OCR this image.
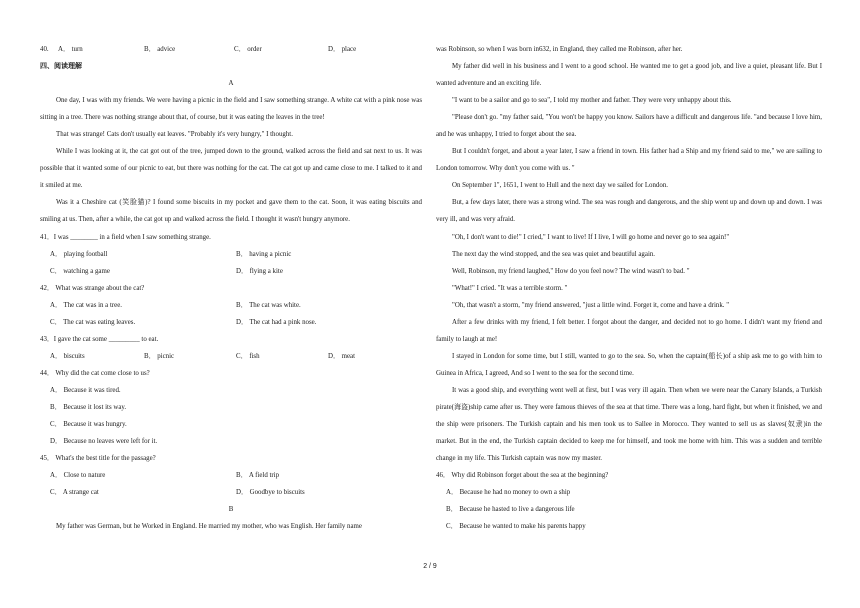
40. A． turn	B． advice	C． order	D． place

四、阅读理解
A

One day, I was with my friends. We were having a picnic in the field and I saw something strange. A white cat with a pink nose was sitting in a tree. There was nothing strange about that, of course, but it was eating the leaves in the tree!

That was strange! Cats don't usually eat leaves. "Probably it's very hungry," I thought.

While I was looking at it, the cat got out of the tree, jumped down to the ground, walked across the field and sat next to us. It was possible that it wanted some of our picnic to eat, but there was nothing for the cat. The cat got up and came close to me. I talked to it and it smiled at me.

Was it a Cheshire cat (笑脸猫)? I found some biscuits in my pocket and gave them to the cat. Soon, it was eating biscuits and smiling at us. Then, after a while, the cat got up and walked across the field. I thought it wasn't hungry anymore.

41．I was ________ in a field when I saw something strange.
A． playing football	B． having a picnic

C． watching a game	D． flying a kite

42． What was strange about the cat?
A． The cat was in a tree.	B． The cat was white.

C． The cat was eating leaves.	D． The cat had a pink nose.

43．I gave the cat some _________ to eat.
A． biscuits	B． picnic	C． fish	D． meat

44． Why did the cat come close to us?
A． Because it was tired.

B． Because it lost its way.

C． Because it was hungry.

D． Because no leaves were left for it.

45． What's the best title for the passage?
A． Close to nature	B． A field trip

C． A strange cat	D． Goodbye to biscuits

B

My father was German, but he Worked in England. He married my mother, who was English. Her family name

was Robinson, so when I was born in632, in England, they called me Robinson, after her.

My father did well in his business and I went to a good school. He wanted me to get a good job, and live a quiet, pleasant life. But I wanted adventure and an exciting life.

"I want to be a sailor and go to sea", I told my mother and father. They were very unhappy about this.

"Please don't go. "my father said, "You won't be happy you know. Sailors have a difficult and dangerous life. "and because I love him, and he was unhappy, I tried to forget about the sea.

But I couldn't forget, and about a year later, I saw a friend in town. His father had a Ship and my friend said to me," we are sailing to London tomorrow. Why don't you come with us. "

On September 1", 1651, I went to Hull and the next day we sailed for London.

But, a few days later, there was a strong wind. The sea was rough and dangerous, and the ship went up and down up and down. I was very ill, and was very afraid.

"Oh, I don't want to die!" I cried," I want to live! If I live, I will go home and never go to sea again!"

The next day the wind stopped, and the sea was quiet and beautiful again.

Well, Robinson, my friend laughed," How do you feel now? The wind wasn't to bad. "

"What!" I cried. "It was a terrible storm. "

"Oh, that wasn't a storm, "my friend answered, "just a little wind. Forget it, come and have a drink. "

After a few drinks with my friend, I felt better. I forgot about the danger, and decided not to go home. I didn't want my friend and family to laugh at me!

I stayed in London for some time, but I still, wanted to go to the sea. So, when the captain(船长)of a ship ask me to go with him to Guinea in Africa, I agreed, And so I went to the sea for the second time.

It was a good ship, and everything went well at first, but I was very ill again. Then when we were near the Canary Islands, a Turkish pirate(海盗)ship came after us. They were famous thieves of the sea at that time. There was a long, hard fight, but when it finished, we and the ship were prisoners. The Turkish captain and his men took us to Sallee in Morocco. They wanted to sell us as slaves(奴隶)in the market. But in the end, the Turkish captain decided to keep me for himself, and took me home with him. This was a sudden and terrible change in my life. This Turkish captain was now my master.

46． Why did Robinson forget about the sea at the beginning?
A． Because he had no money to own a ship

B． Because he hasted to live a dangerous life

C． Because he wanted to make his parents happy

2 / 9
